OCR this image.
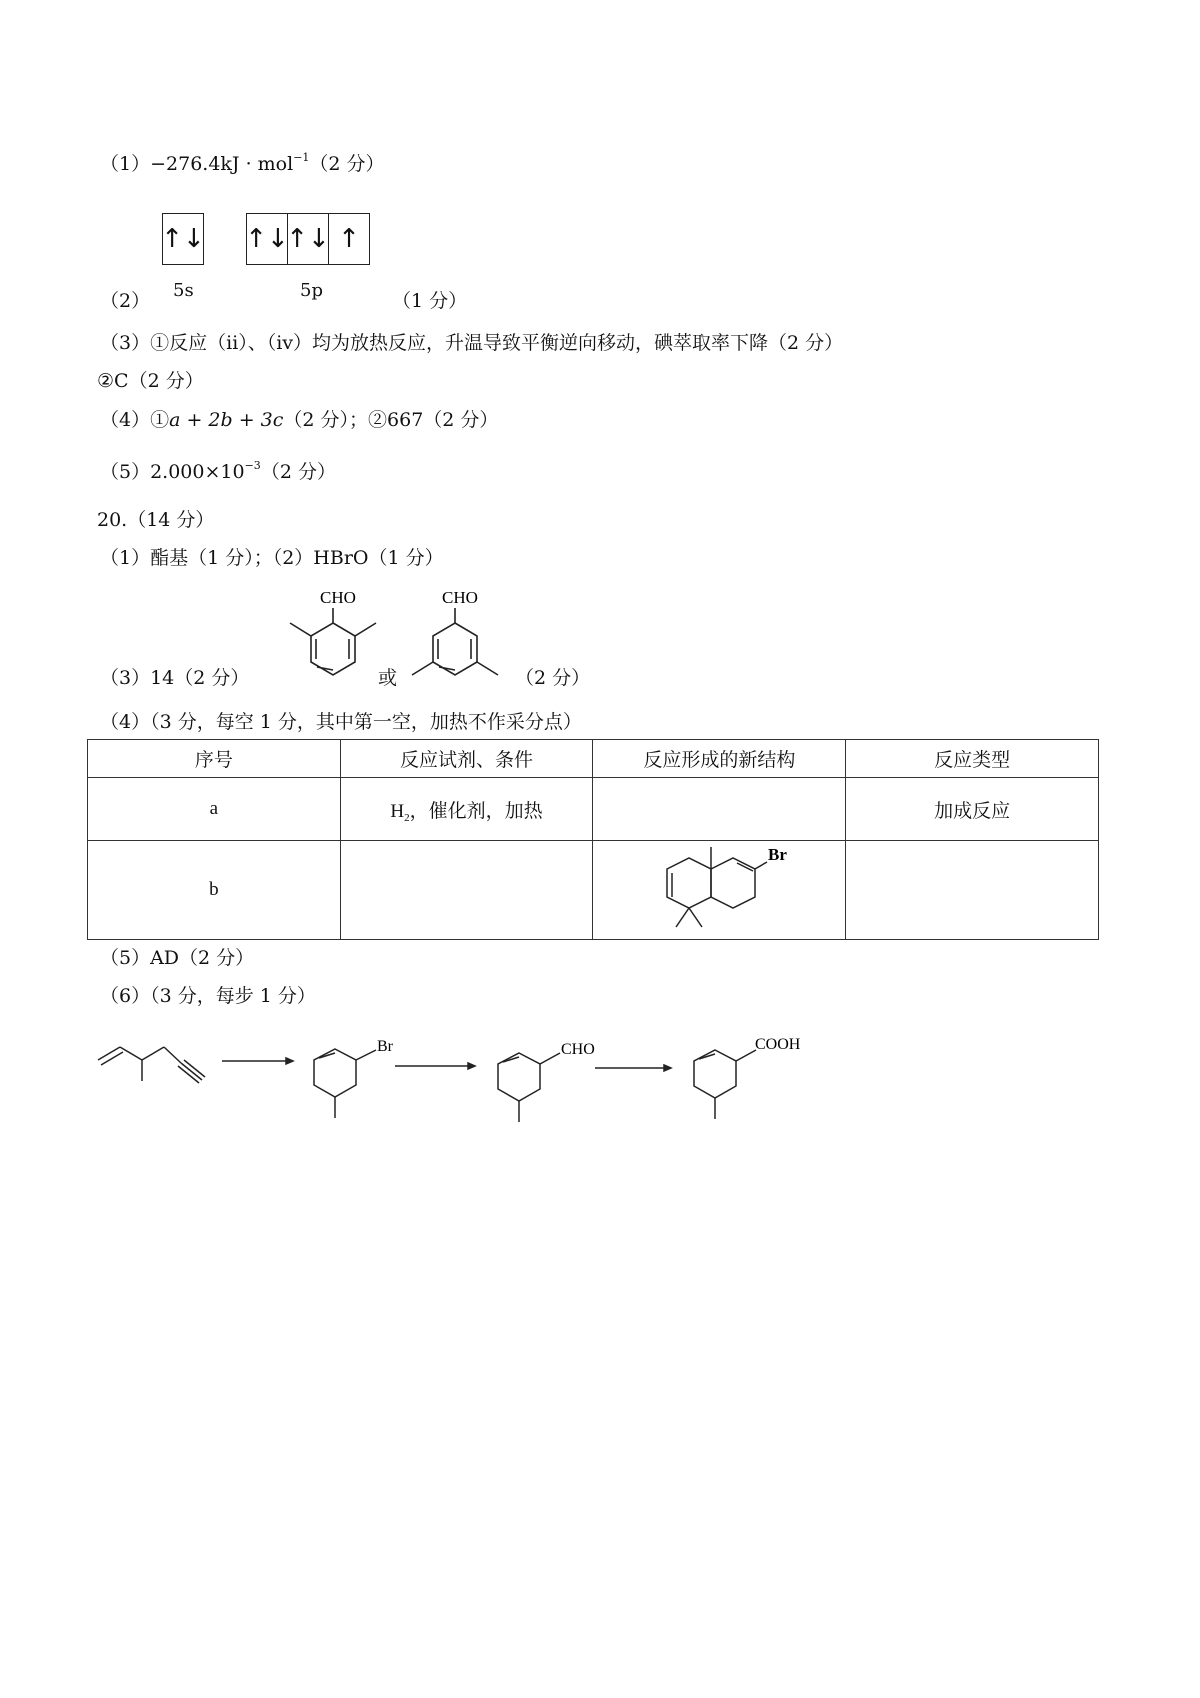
（1）−276.4kJ · mol$^{-1}$（2 分）
↑↓ ↑↓
↑↓ ↑
5s	5p
（2）	（1 分）
（3）①反应（ⅱ）、（ⅳ）均为放热反应，升温导致平衡逆向移动，碘萃取率下降（2 分）
②C（2 分）
（4）①a + 2b + 3c（2 分）；②667（2 分）
$(5)2.000\times 10^{-3}(2$ 分）
20.（14 分）
（1）酯基（1 分）；（2）HBrO（1 分）
（3）14（2 分）
CHO
或
CHO
（2 分）
（4）（3 分，每空 1 分，其中第一空，加热不作采分点）
序号	反应试剂、条件	反应形成的新结构	反应类型
a	$H_2$，催化剂，加热		加成反应
b		Br	

（5）AD（2 分）
（6）（3 分，每步 1 分）
Br	CHO	COOH
